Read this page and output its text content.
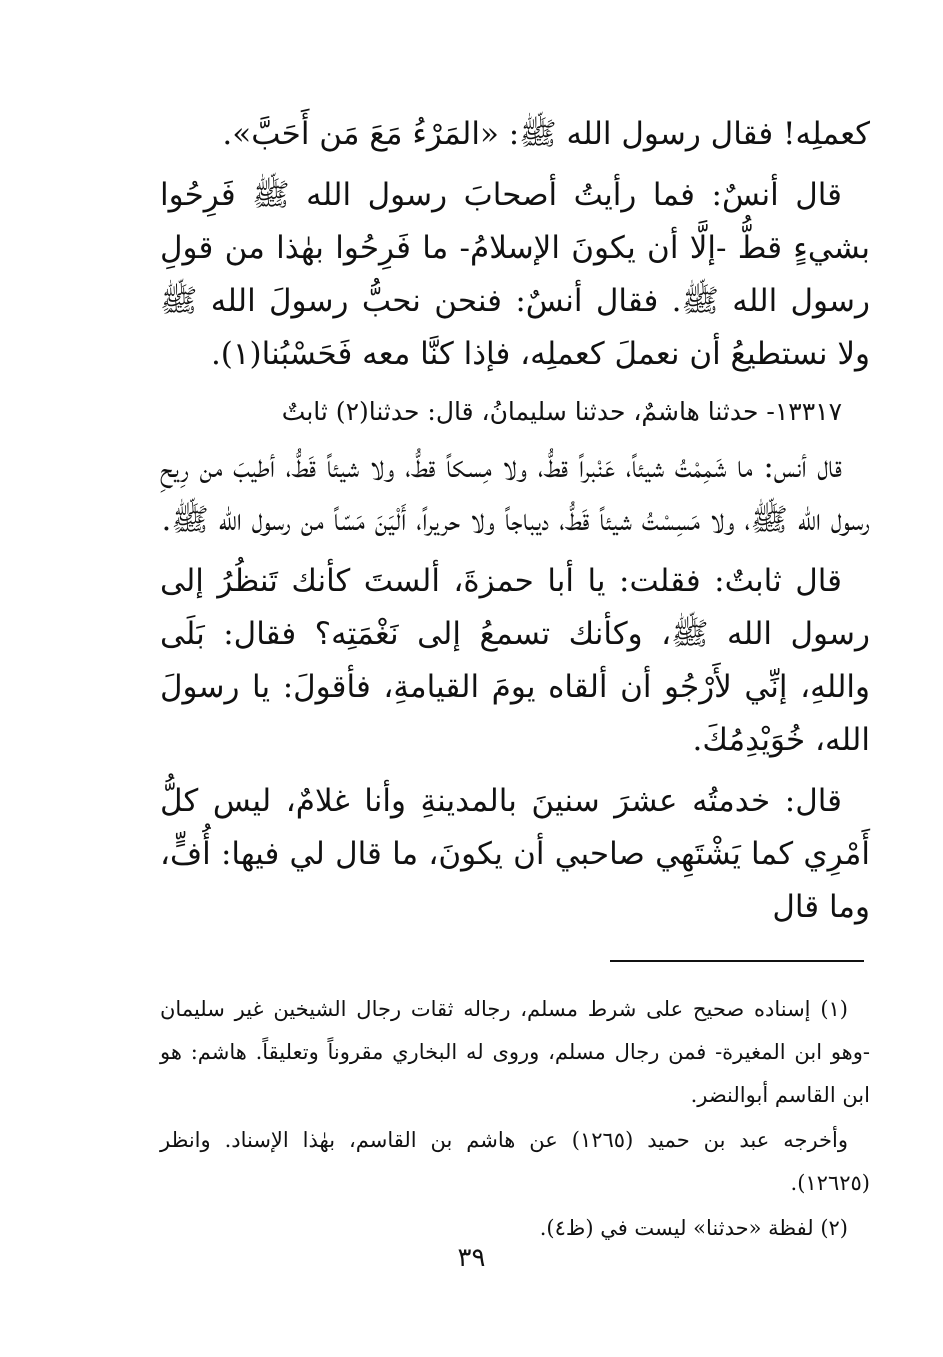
كعملِه! فقال رسول الله ﷺ: «المَرْءُ مَعَ مَن أَحَبَّ».

قال أنسٌ: فما رأيتُ أصحابَ رسول الله ﷺ فَرِحُوا بشيءٍ قطُّ -إلَّا أن يكونَ الإسلامُ- ما فَرِحُوا بهٰذا من قولِ رسول الله ﷺ. فقال أنسٌ: فنحن نحبُّ رسولَ الله ﷺ ولا نستطيعُ أن نعملَ كعملِه، فإذا كنَّا معه فَحَسْبُنا(١).

١٣٣١٧- حدثنا هاشمٌ، حدثنا سليمانُ، قال: حدثنا(٢) ثابتٌ

قال أنس: ما شَمِمْتُ شيئاً، عَنْبراً قطُّ، ولا مِسكاً قطُّ، ولا شيئاً قَطُّ، أطيبَ من رِيحِ رسول الله ﷺ، ولا مَسِسْتُ شيئاً قَطُّ، ديباجاً ولا حريراً، أَلْيَنَ مَسّاً من رسول الله ﷺ.

قال ثابتٌ: فقلت: يا أبا حمزةَ، ألستَ كأنك تَنظُرُ إلى رسول الله ﷺ، وكأنك تسمعُ إلى نَغْمَتِه؟ فقال: بَلَى واللهِ، إنِّي لأَرْجُو أن ألقاه يومَ القيامةِ، فأقولَ: يا رسولَ الله، خُوَيْدِمُكَ.

قال: خدمتُه عشرَ سنينَ بالمدينةِ وأنا غلامٌ، ليس كلُّ أَمْرِي كما يَشْتَهِي صاحبي أن يكونَ، ما قال لي فيها: أُفٍّ، وما قال

(١) إسناده صحيح على شرط مسلم، رجاله ثقات رجال الشيخين غير سليمان -وهو ابن المغيرة- فمن رجال مسلم، وروى له البخاري مقروناً وتعليقاً. هاشم: هو ابن القاسم أبوالنضر.

وأخرجه عبد بن حميد (١٢٦٥) عن هاشم بن القاسم، بهٰذا الإسناد. وانظر (١٢٦٢٥).

(٢) لفظة «حدثنا» ليست في (ظ٤).

٣٩
